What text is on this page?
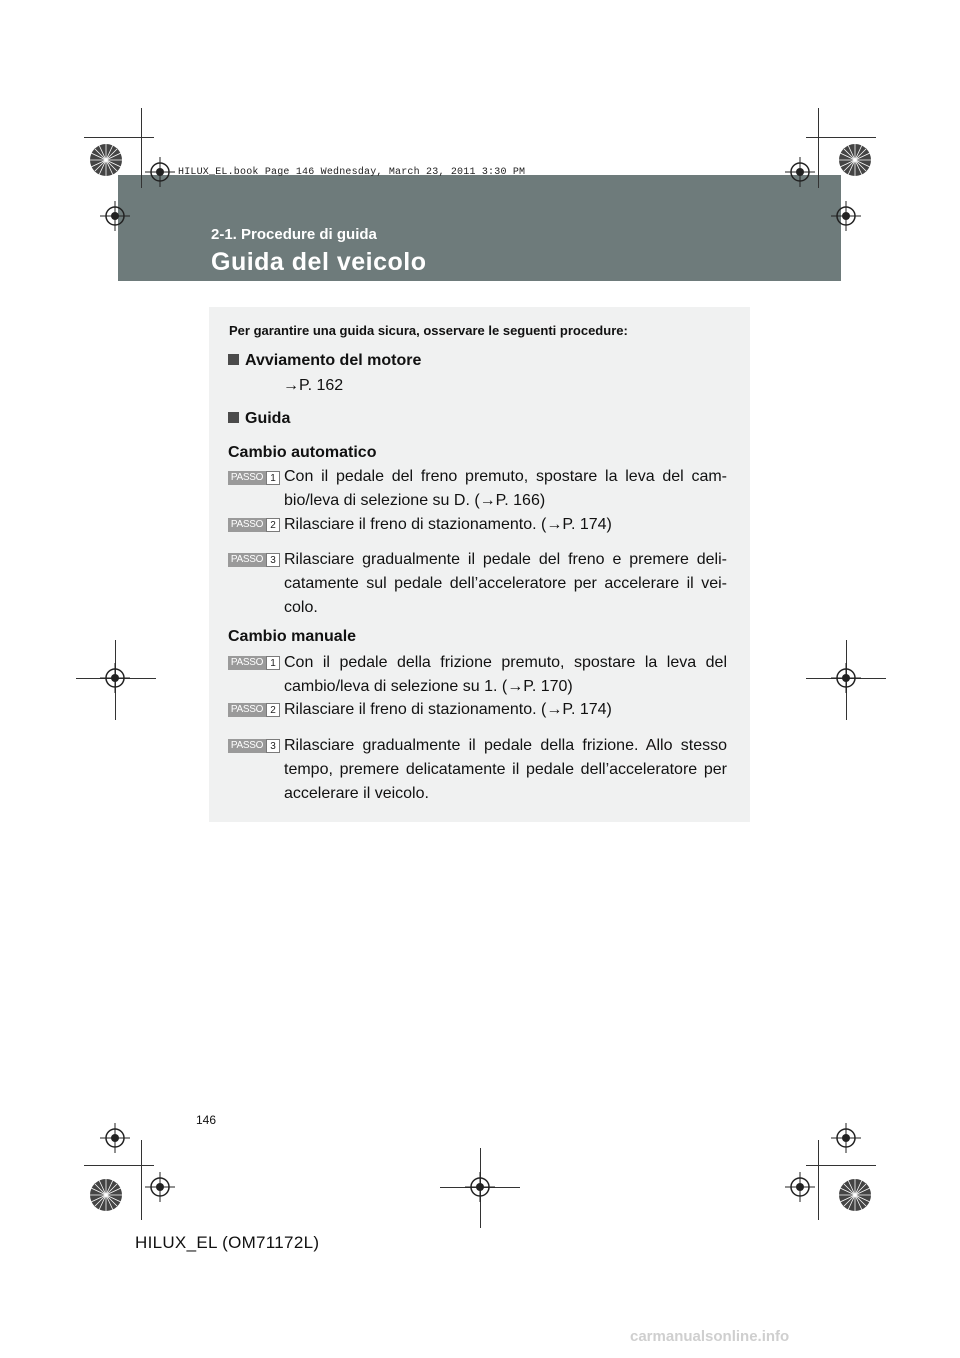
HILUX_EL.book Page 146 Wednesday, March 23, 2011 3:30 PM
2-1. Procedure di guida
Guida del veicolo
Per garantire una guida sicura, osservare le seguenti procedure:
Avviamento del motore
→P. 162
Guida
Cambio automatico
PASSO 1 Con il pedale del freno premuto, spostare la leva del cam-bio/leva di selezione su D. (→P. 166)
PASSO 2 Rilasciare il freno di stazionamento. (→P. 174)
PASSO 3 Rilasciare gradualmente il pedale del freno e premere deli-catamente sul pedale dell’acceleratore per accelerare il vei-colo.
Cambio manuale
PASSO 1 Con il pedale della frizione premuto, spostare la leva del cambio/leva di selezione su 1. (→P. 170)
PASSO 2 Rilasciare il freno di stazionamento. (→P. 174)
PASSO 3 Rilasciare gradualmente il pedale della frizione. Allo stesso tempo, premere delicatamente il pedale dell’acceleratore per accelerare il veicolo.
146
HILUX_EL (OM71172L)
carmanualsonline.info
